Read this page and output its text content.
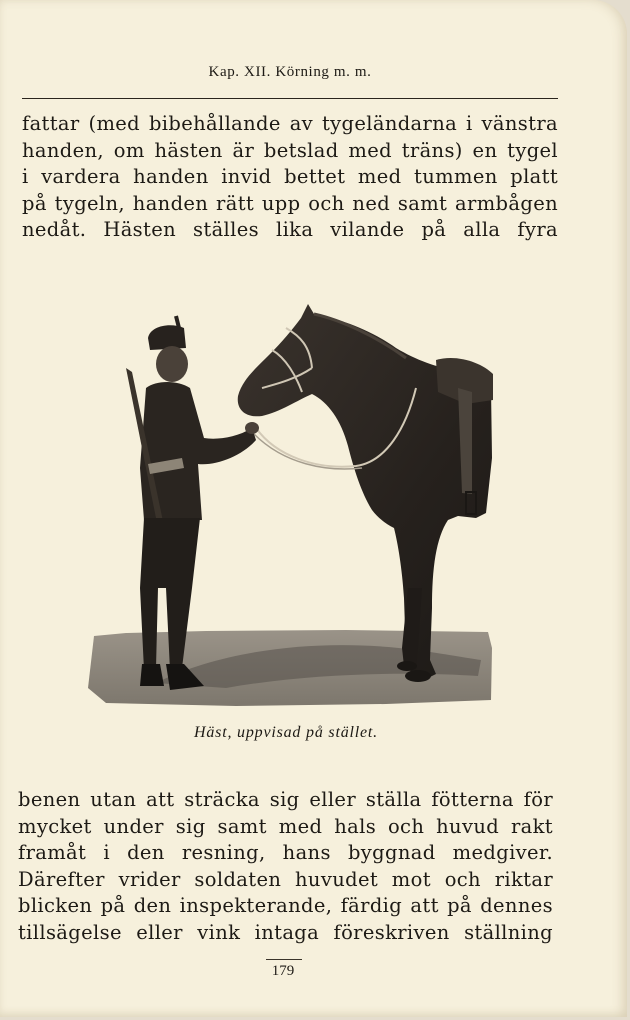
Kap. XII. Körning m. m.
fattar (med bibehållande av tygeländarna i vänstra
handen, om hästen är betslad med träns) en tygel
i vardera handen invid bettet med tummen platt
på tygeln, handen rätt upp och ned samt armbågen
nedåt. Hästen ställes lika vilande på alla fyra
Häst, uppvisad på stället.
benen utan att sträcka sig eller ställa fötterna för
mycket under sig samt med hals och huvud rakt
framåt i den resning, hans byggnad medgiver.
Därefter vrider soldaten huvudet mot och riktar
blicken på den inspekterande, färdig att på dennes
tillsägelse eller vink intaga föreskriven ställning
179
